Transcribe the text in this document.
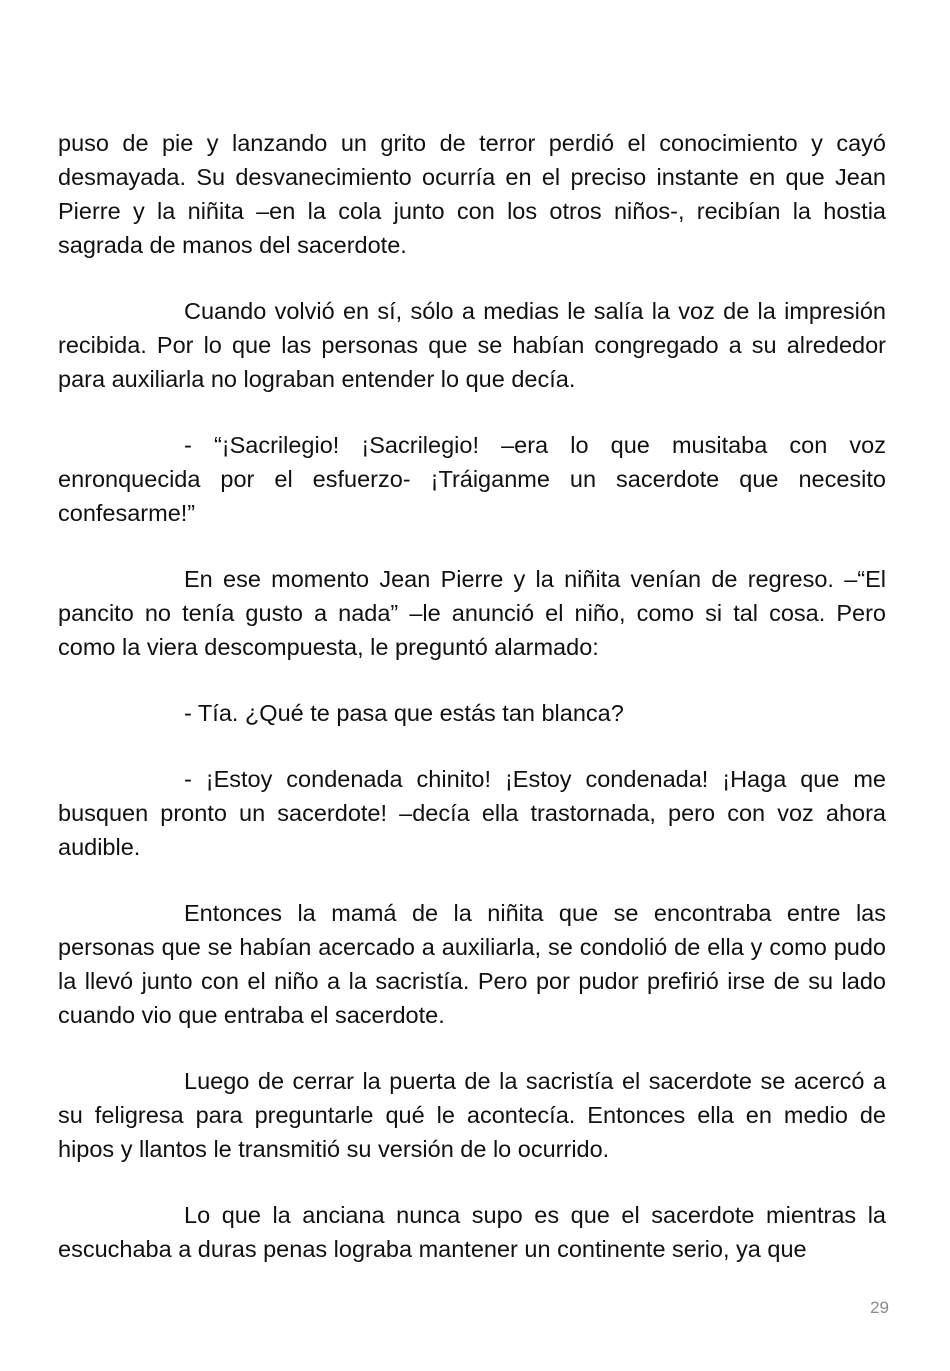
puso de pie y lanzando un grito de terror perdió el conocimiento y cayó desmayada. Su desvanecimiento ocurría en el preciso instante en que Jean Pierre y la niñita –en la cola junto con los otros niños-, recibían la hostia sagrada de manos del sacerdote.

Cuando volvió en sí, sólo a medias le salía la voz de la impresión recibida. Por lo que las personas que se habían congregado a su alrededor para auxiliarla no lograban entender lo que decía.

- “¡Sacrilegio! ¡Sacrilegio! –era lo que musitaba con voz enronquecida por el esfuerzo- ¡Tráiganme un sacerdote que necesito confesarme!”

En ese momento Jean Pierre y la niñita venían de regreso. –“El pancito no tenía gusto a nada” –le anunció el niño, como si tal cosa. Pero como la viera descompuesta, le preguntó alarmado:

- Tía. ¿Qué te pasa que estás tan blanca?

- ¡Estoy condenada chinito! ¡Estoy condenada! ¡Haga que me busquen pronto un sacerdote! –decía ella trastornada, pero con voz ahora audible.

Entonces la mamá de la niñita que se encontraba entre las personas que se habían acercado a auxiliarla, se condolió de ella y como pudo la llevó junto con el niño a la sacristía. Pero por pudor prefirió irse de su lado cuando vio que entraba el sacerdote.

Luego de cerrar la puerta de la sacristía el sacerdote se acercó a su feligresa para preguntarle qué le acontecía. Entonces ella en medio de hipos y llantos le transmitió su versión de lo ocurrido.

Lo que la anciana nunca supo es que el sacerdote mientras la escuchaba a duras penas lograba mantener un continente serio, ya que

29
